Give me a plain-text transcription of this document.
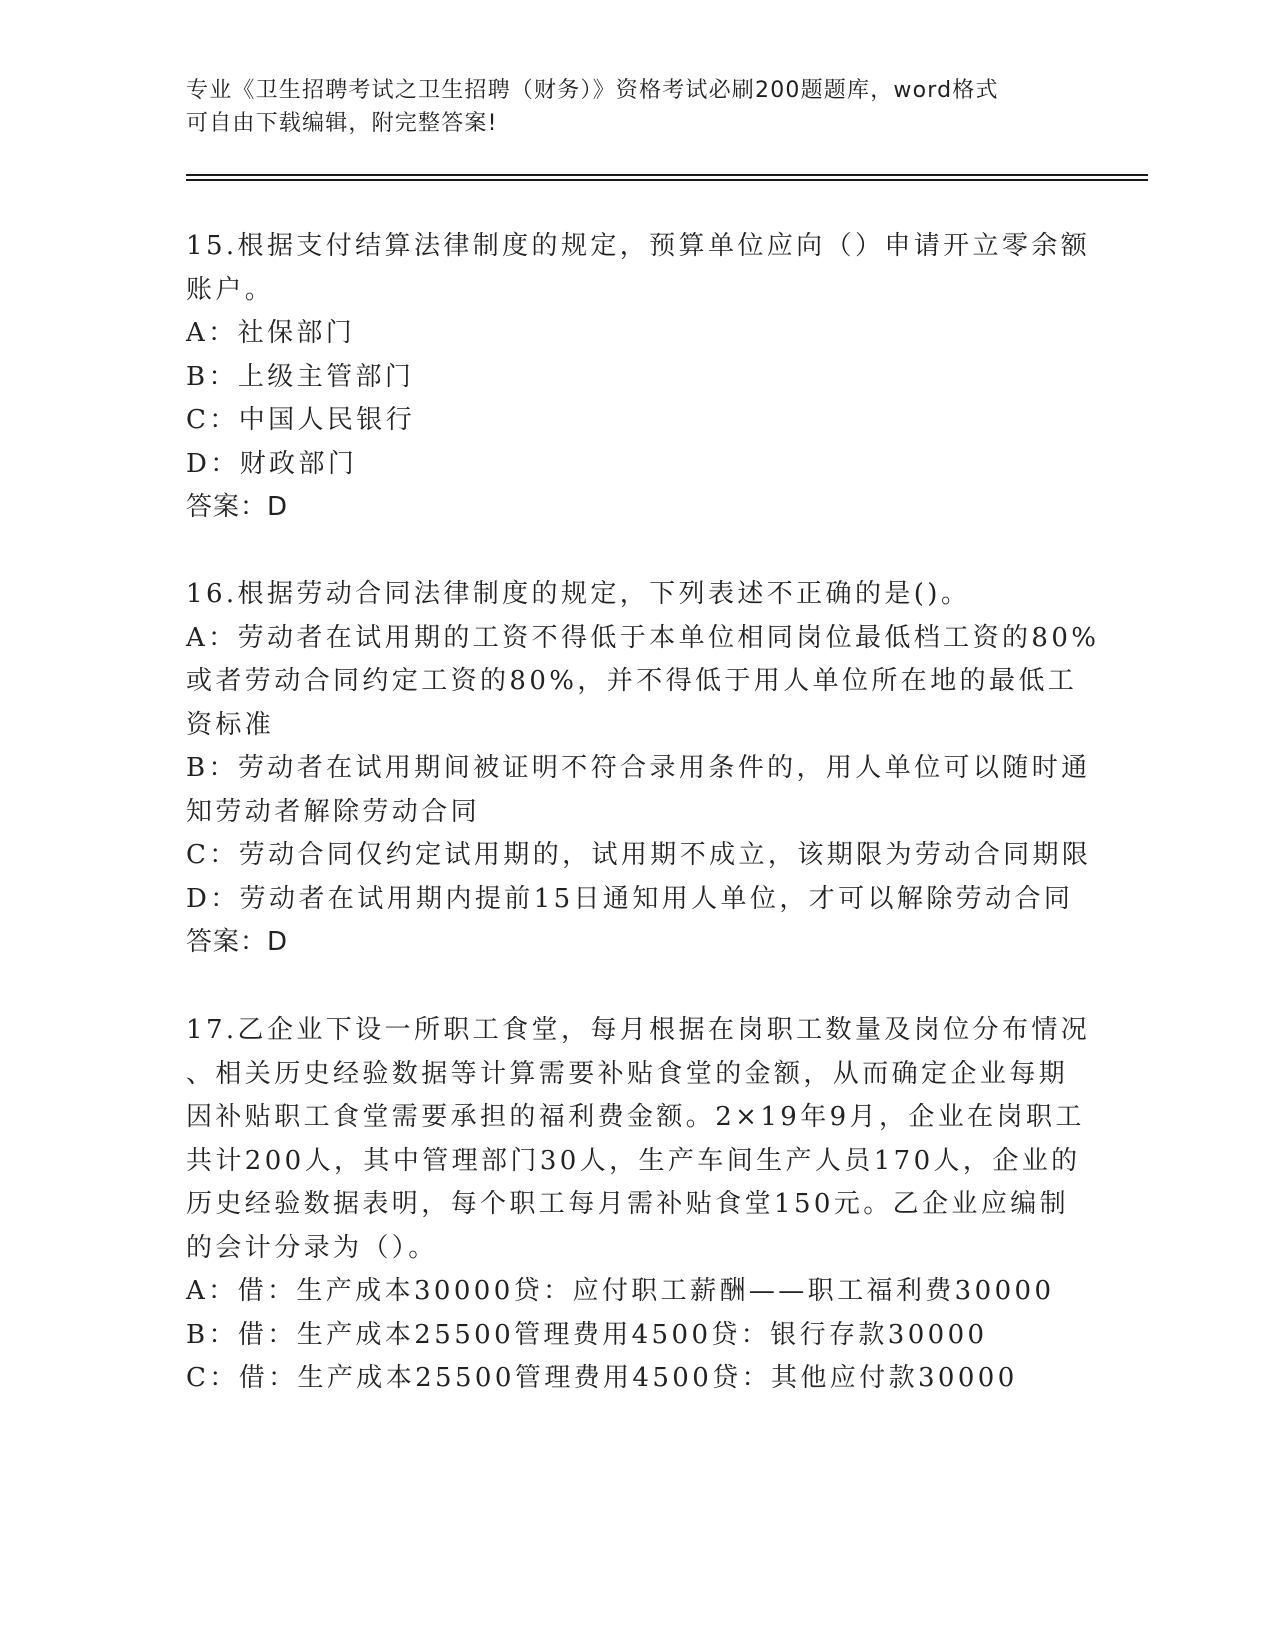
专业《卫生招聘考试之卫生招聘（财务）》资格考试必刷200题题库，word格式
可自由下载编辑，附完整答案!
15.根据支付结算法律制度的规定，预算单位应向（）申请开立零余额
账户。
A：社保部门
B：上级主管部门
C：中国人民银行
D：财政部门
答案：D
16.根据劳动合同法律制度的规定，下列表述不正确的是()。
A：劳动者在试用期的工资不得低于本单位相同岗位最低档工资的80%
或者劳动合同约定工资的80%，并不得低于用人单位所在地的最低工
资标准
B：劳动者在试用期间被证明不符合录用条件的，用人单位可以随时通
知劳动者解除劳动合同
C：劳动合同仅约定试用期的，试用期不成立，该期限为劳动合同期限
D：劳动者在试用期内提前15日通知用人单位，才可以解除劳动合同
答案：D
17.乙企业下设一所职工食堂，每月根据在岗职工数量及岗位分布情况
、相关历史经验数据等计算需要补贴食堂的金额，从而确定企业每期
因补贴职工食堂需要承担的福利费金额。2×19年9月，企业在岗职工
共计200人，其中管理部门30人，生产车间生产人员170人，企业的
历史经验数据表明，每个职工每月需补贴食堂150元。乙企业应编制
的会计分录为（）。
A：借：生产成本30000贷：应付职工薪酬——职工福利费30000
B：借：生产成本25500管理费用4500贷：银行存款30000
C：借：生产成本25500管理费用4500贷：其他应付款30000
